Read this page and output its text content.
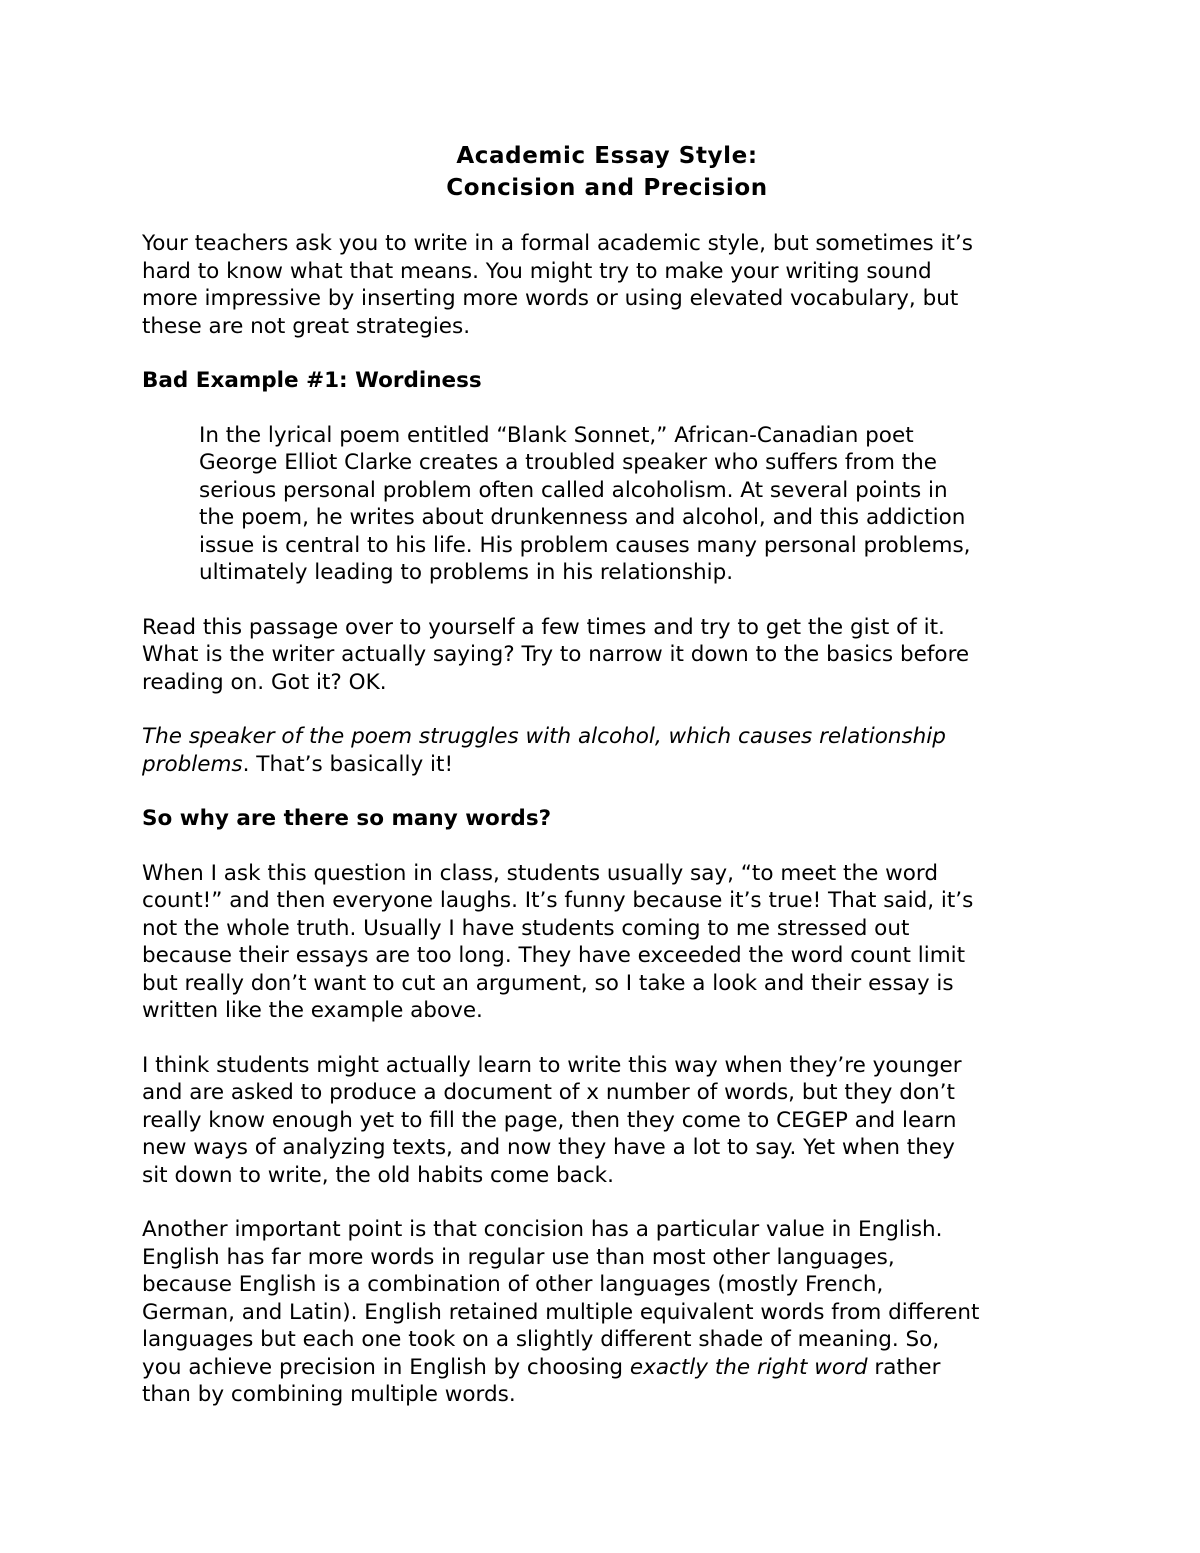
Academic Essay Style:
Concision and Precision

Your teachers ask you to write in a formal academic style, but sometimes it’s
hard to know what that means. You might try to make your writing sound
more impressive by inserting more words or using elevated vocabulary, but
these are not great strategies.

Bad Example #1: Wordiness

In the lyrical poem entitled “Blank Sonnet,” African-Canadian poet
George Elliot Clarke creates a troubled speaker who suffers from the
serious personal problem often called alcoholism. At several points in
the poem, he writes about drunkenness and alcohol, and this addiction
issue is central to his life. His problem causes many personal problems,
ultimately leading to problems in his relationship.

Read this passage over to yourself a few times and try to get the gist of it.
What is the writer actually saying? Try to narrow it down to the basics before
reading on. Got it? OK.

The speaker of the poem struggles with alcohol, which causes relationship
problems. That’s basically it!

So why are there so many words?

When I ask this question in class, students usually say, “to meet the word
count!” and then everyone laughs. It’s funny because it’s true! That said, it’s
not the whole truth. Usually I have students coming to me stressed out
because their essays are too long. They have exceeded the word count limit
but really don’t want to cut an argument, so I take a look and their essay is
written like the example above.

I think students might actually learn to write this way when they’re younger
and are asked to produce a document of x number of words, but they don’t
really know enough yet to fill the page, then they come to CEGEP and learn
new ways of analyzing texts, and now they have a lot to say. Yet when they
sit down to write, the old habits come back.

Another important point is that concision has a particular value in English.
English has far more words in regular use than most other languages,
because English is a combination of other languages (mostly French,
German, and Latin). English retained multiple equivalent words from different
languages but each one took on a slightly different shade of meaning. So,
you achieve precision in English by choosing exactly the right word rather
than by combining multiple words.
